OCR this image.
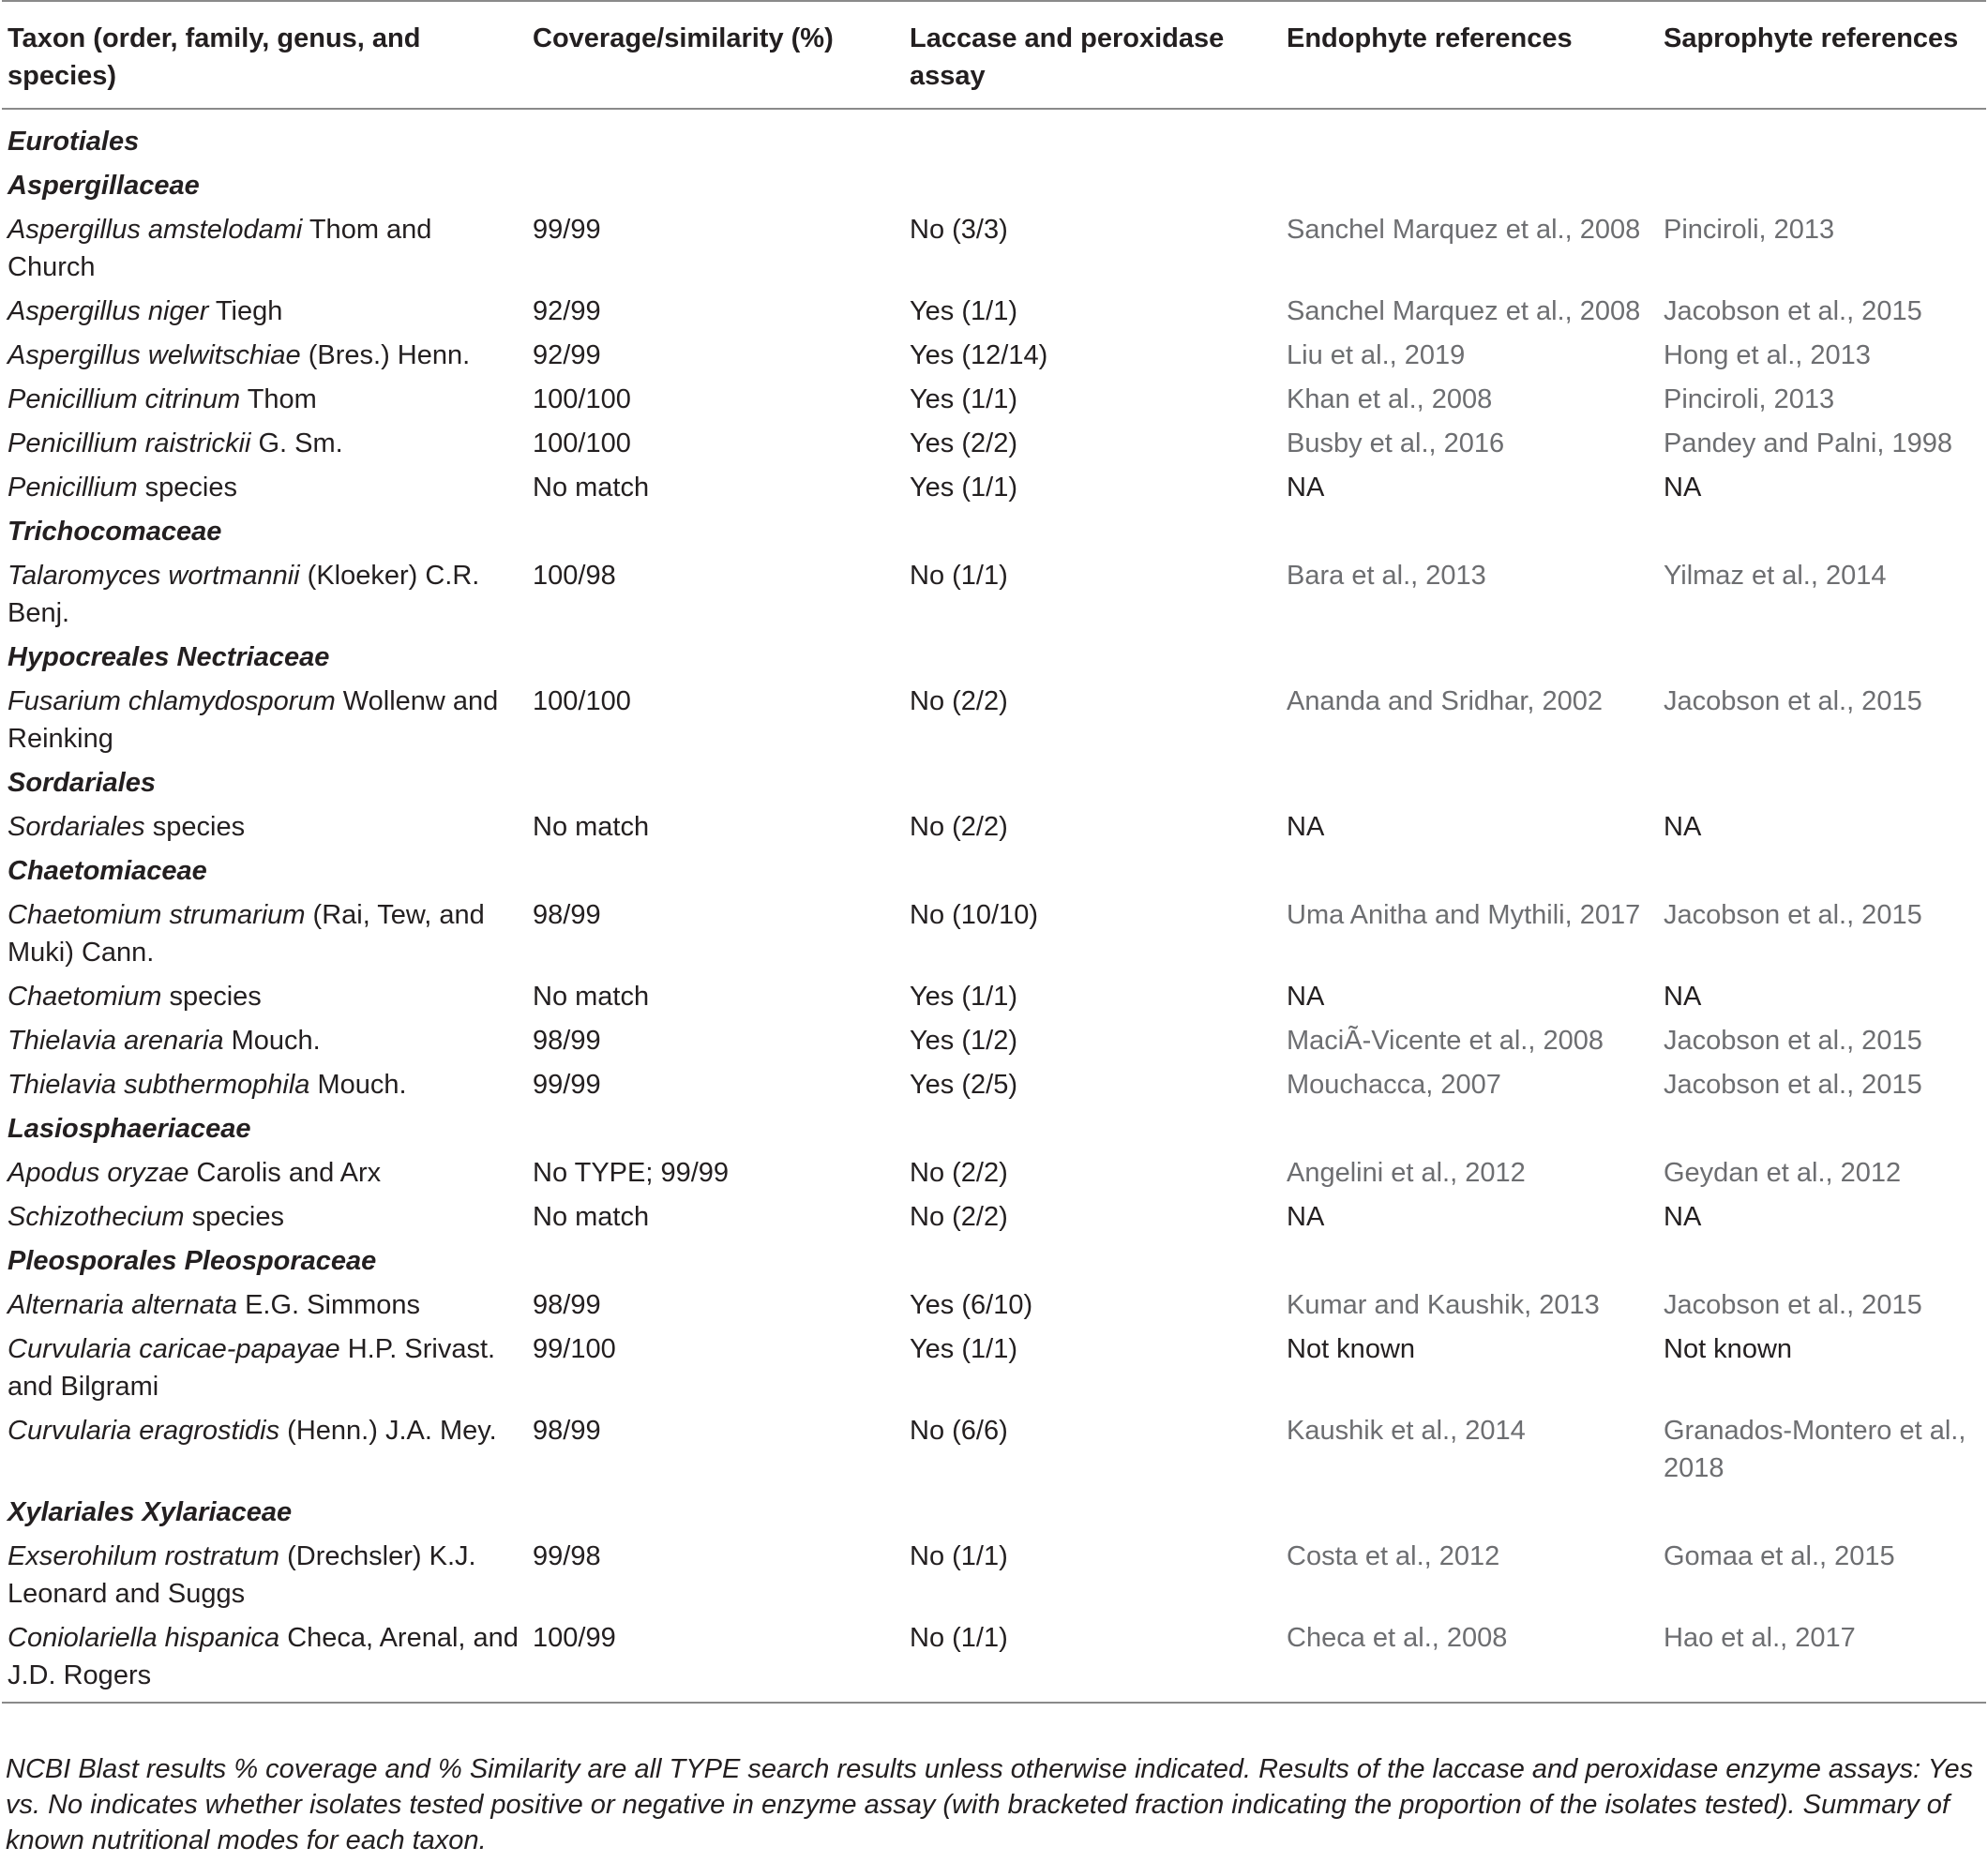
Taxon (order, family, genus, and species)	Coverage/similarity (%)	Laccase and peroxidase assay	Endophyte references	Saprophyte references
Eurotiales				
Aspergillaceae				
Aspergillus amstelodami Thom and Church	99/99	No (3/3)	Sanchel Marquez et al., 2008	Pinciroli, 2013
Aspergillus niger Tiegh	92/99	Yes (1/1)	Sanchel Marquez et al., 2008	Jacobson et al., 2015
Aspergillus welwitschiae (Bres.) Henn.	92/99	Yes (12/14)	Liu et al., 2019	Hong et al., 2013
Penicillium citrinum Thom	100/100	Yes (1/1)	Khan et al., 2008	Pinciroli, 2013
Penicillium raistrickii G. Sm.	100/100	Yes (2/2)	Busby et al., 2016	Pandey and Palni, 1998
Penicillium species	No match	Yes (1/1)	NA	NA
Trichocomaceae				
Talaromyces wortmannii (Kloeker) C.R. Benj.	100/98	No (1/1)	Bara et al., 2013	Yilmaz et al., 2014
Hypocreales Nectriaceae				
Fusarium chlamydosporum Wollenw and Reinking	100/100	No (2/2)	Ananda and Sridhar, 2002	Jacobson et al., 2015
Sordariales				
Sordariales species	No match	No (2/2)	NA	NA
Chaetomiaceae				
Chaetomium strumarium (Rai, Tew, and Muki) Cann.	98/99	No (10/10)	Uma Anitha and Mythili, 2017	Jacobson et al., 2015
Chaetomium species	No match	Yes (1/1)	NA	NA
Thielavia arenaria Mouch.	98/99	Yes (1/2)	MaciÃ-Vicente et al., 2008	Jacobson et al., 2015
Thielavia subthermophila Mouch.	99/99	Yes (2/5)	Mouchacca, 2007	Jacobson et al., 2015
Lasiosphaeriaceae				
Apodus oryzae Carolis and Arx	No TYPE; 99/99	No (2/2)	Angelini et al., 2012	Geydan et al., 2012
Schizothecium species	No match	No (2/2)	NA	NA
Pleosporales Pleosporaceae				
Alternaria alternata E.G. Simmons	98/99	Yes (6/10)	Kumar and Kaushik, 2013	Jacobson et al., 2015
Curvularia caricae-papayae H.P. Srivast. and Bilgrami	99/100	Yes (1/1)	Not known	Not known
Curvularia eragrostidis (Henn.) J.A. Mey.	98/99	No (6/6)	Kaushik et al., 2014	Granados-Montero et al., 2018
Xylariales Xylariaceae				
Exserohilum rostratum (Drechsler) K.J. Leonard and Suggs	99/98	No (1/1)	Costa et al., 2012	Gomaa et al., 2015
Coniolariella hispanica Checa, Arenal, and J.D. Rogers	100/99	No (1/1)	Checa et al., 2008	Hao et al., 2017
NCBI Blast results % coverage and % Similarity are all TYPE search results unless otherwise indicated. Results of the laccase and peroxidase enzyme assays: Yes vs. No indicates whether isolates tested positive or negative in enzyme assay (with bracketed fraction indicating the proportion of the isolates tested). Summary of known nutritional modes for each taxon.
